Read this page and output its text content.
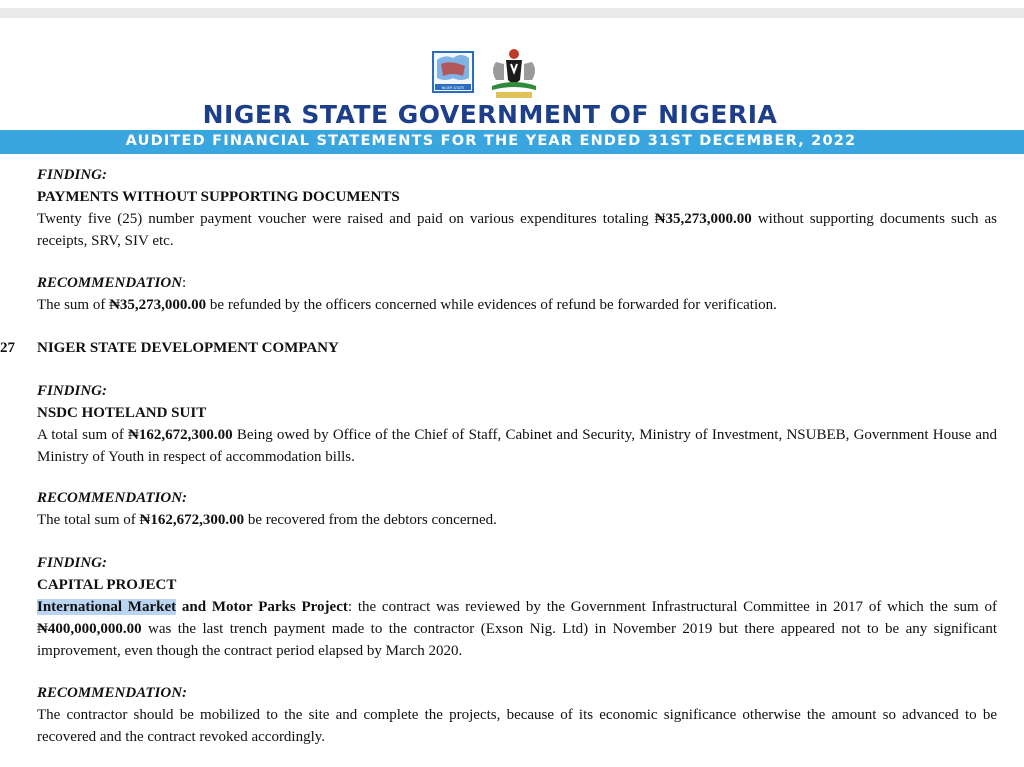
NIGER STATE
NIGER STATE GOVERNMENT OF NIGERIA
AUDITED FINANCIAL STATEMENTS FOR THE YEAR ENDED 31ST DECEMBER, 2022
FINDING:
PAYMENTS WITHOUT SUPPORTING DOCUMENTS
Twenty five (25) number payment voucher were raised and paid on various expenditures totaling ₦35,273,000.00 without supporting documents such as receipts, SRV, SIV etc.
RECOMMENDATION:
The sum of ₦35,273,000.00 be refunded by the officers concerned while evidences of refund be forwarded for verification.
27 NIGER STATE DEVELOPMENT COMPANY
FINDING:
NSDC HOTELAND SUIT
A total sum of ₦162,672,300.00 Being owed by Office of the Chief of Staff, Cabinet and Security, Ministry of Investment, NSUBEB, Government House and Ministry of Youth in respect of accommodation bills.
RECOMMENDATION:
The total sum of ₦162,672,300.00 be recovered from the debtors concerned.
FINDING:
CAPITAL PROJECT
International Market and Motor Parks Project: the contract was reviewed by the Government Infrastructural Committee in 2017 of which the sum of ₦400,000,000.00 was the last trench payment made to the contractor (Exson Nig. Ltd) in November 2019 but there appeared not to be any significant improvement, even though the contract period elapsed by March 2020.
RECOMMENDATION:
The contractor should be mobilized to the site and complete the projects, because of its economic significance otherwise the amount so advanced to be recovered and the contract revoked accordingly.
